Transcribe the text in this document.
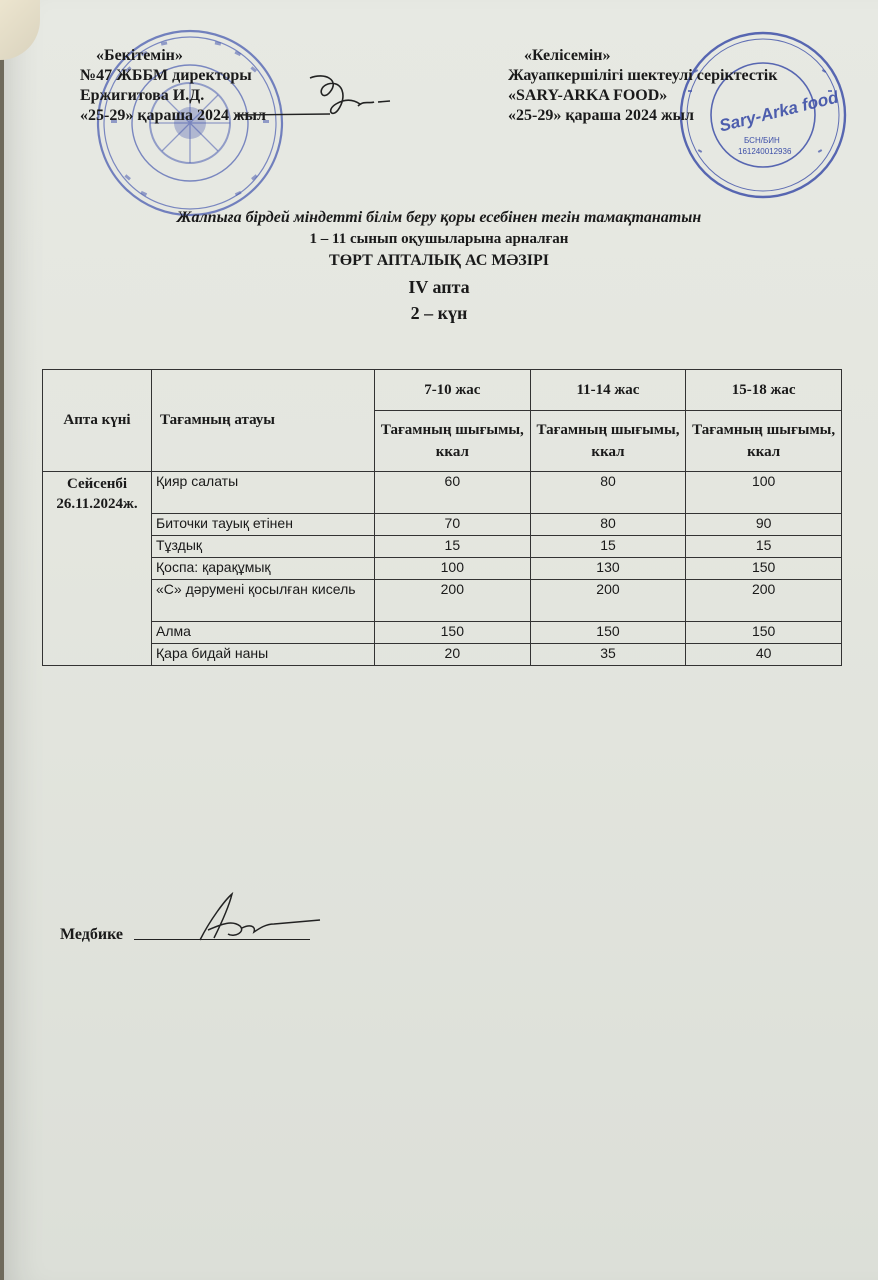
Sary-Arka food
БСН/БИН
161240012936
«Бекітемін»
№47 ЖББМ директоры
Ержигитова И.Д.
«25-29» қараша 2024 жыл
«Келісемін»
Жауапкершілігі шектеулі серіктестік
«SARY-ARKA FOOD»
«25-29» қараша 2024 жыл
Жалпыға бірдей міндетті білім беру қоры есебінен тегін тамақтанатын
1 – 11 сынып оқушыларына арналған
ТӨРТ АПТАЛЫҚ АС МӘЗІРІ
IV апта
2 – күн
Апта күні	Тағамның атауы	7-10 жас	11-14 жас	15-18 жас
		Тағамның шығымы, ккал	Тағамның шығымы, ккал	Тағамның шығымы, ккал

Сейсенбі
26.11.2024ж.	Қияр салаты	60	80	100
	Биточки тауық етінен	70	80	90
	Тұздық	15	15	15
	Қоспа: қарақұмық	100	130	150
	«С» дәрумені қосылған кисель	200	200	200
	Алма	150	150	150
	Қара бидай наны	20	35	40
Медбике
